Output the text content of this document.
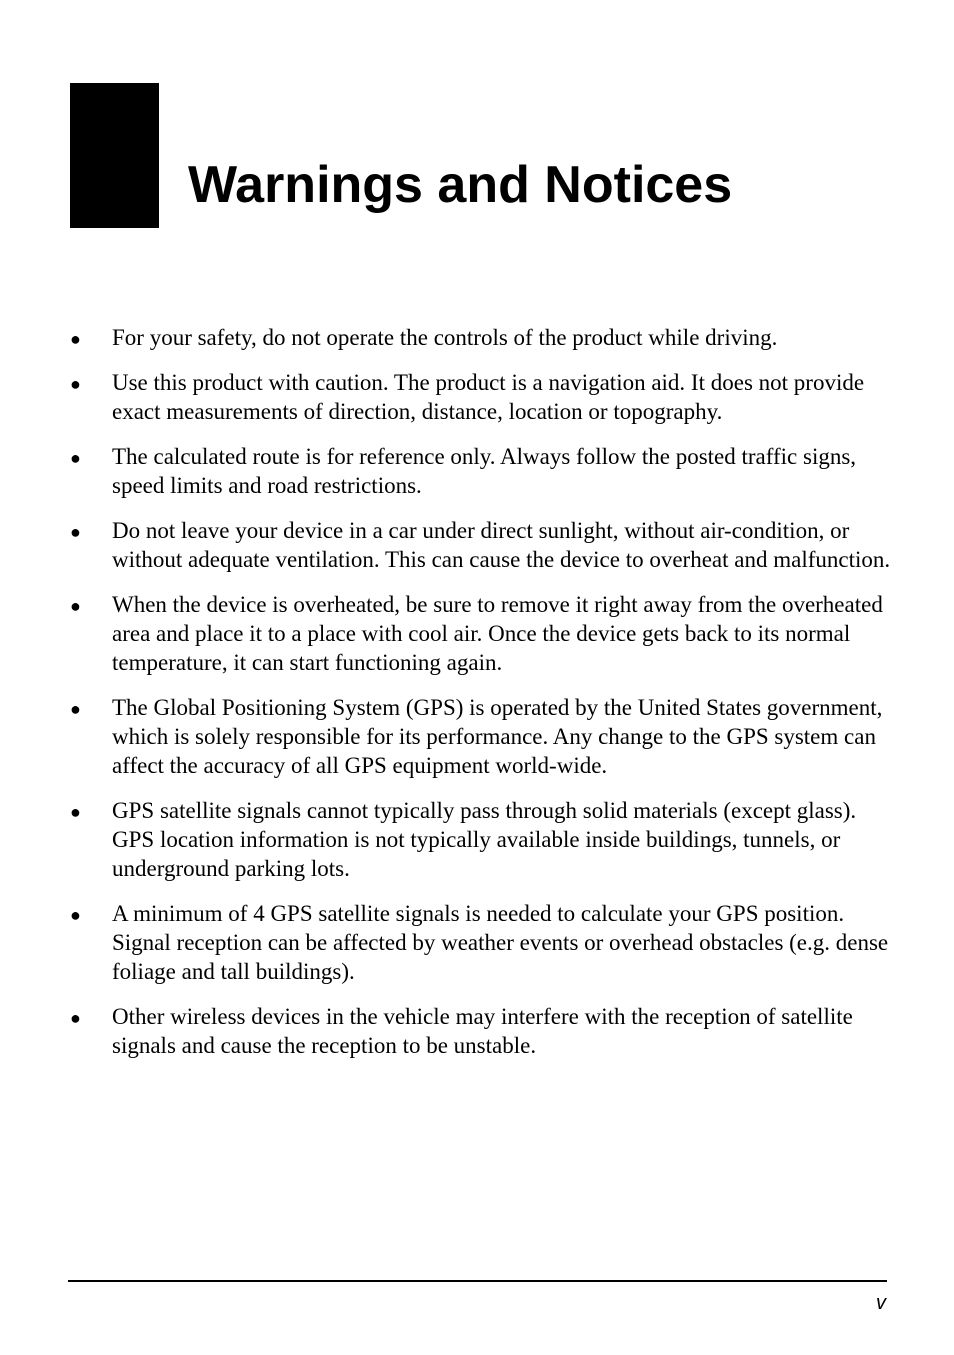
Warnings and Notices
● For your safety, do not operate the controls of the product while driving.
● Use this product with caution. The product is a navigation aid. It does not provide exact measurements of direction, distance, location or topography.
● The calculated route is for reference only. Always follow the posted traffic signs, speed limits and road restrictions.
● Do not leave your device in a car under direct sunlight, without air-condition, or without adequate ventilation. This can cause the device to overheat and malfunction.
● When the device is overheated, be sure to remove it right away from the overheated area and place it to a place with cool air. Once the device gets back to its normal temperature, it can start functioning again.
● The Global Positioning System (GPS) is operated by the United States government, which is solely responsible for its performance. Any change to the GPS system can affect the accuracy of all GPS equipment world-wide.
● GPS satellite signals cannot typically pass through solid materials (except glass). GPS location information is not typically available inside buildings, tunnels, or underground parking lots.
● A minimum of 4 GPS satellite signals is needed to calculate your GPS position. Signal reception can be affected by weather events or overhead obstacles (e.g. dense foliage and tall buildings).
● Other wireless devices in the vehicle may interfere with the reception of satellite signals and cause the reception to be unstable.
v
